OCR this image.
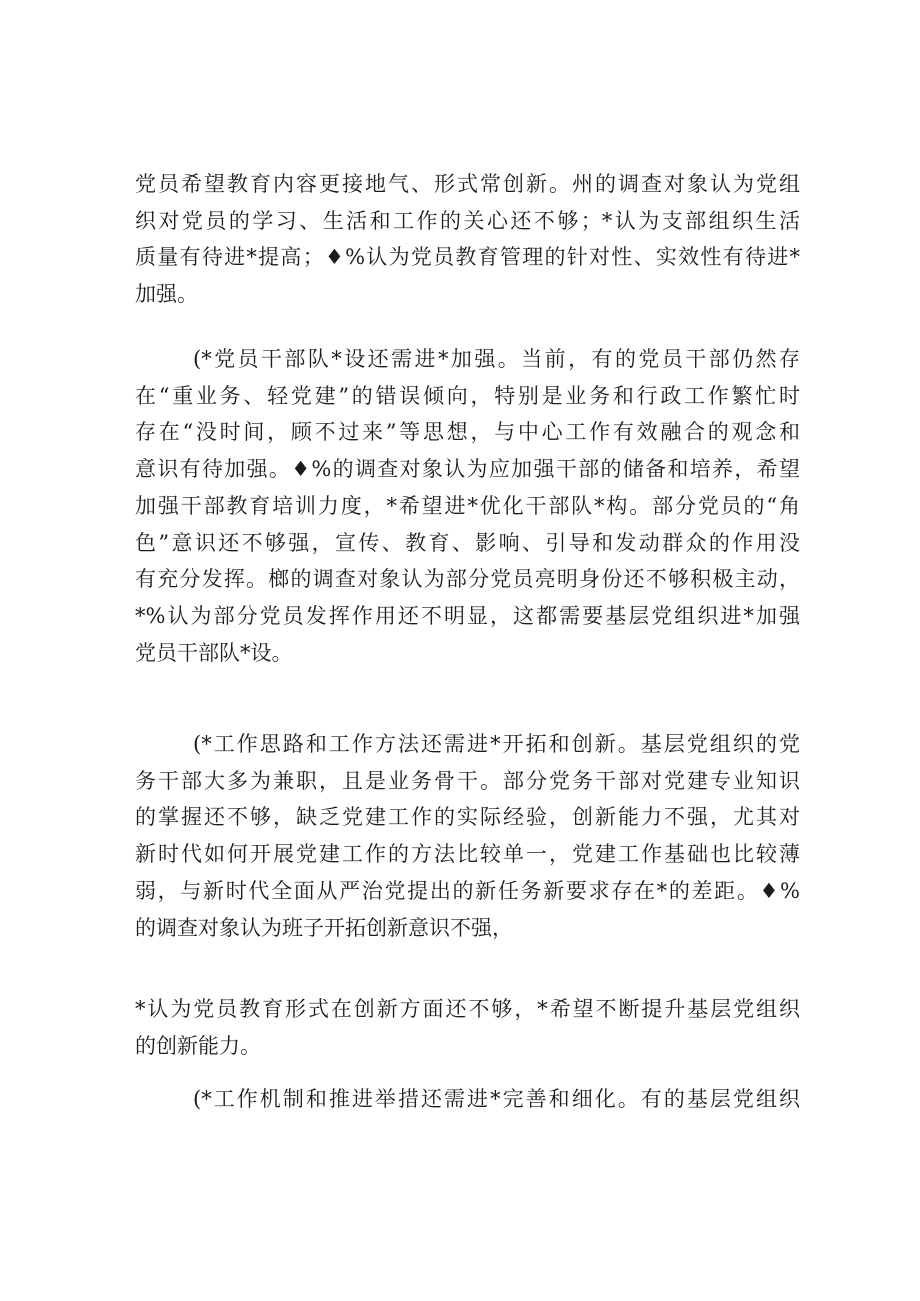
党员希望教育内容更接地气、形式常创新。州的调查对象认为党组
织对党员的学习、生活和工作的关心还不够；*认为支部组织生活
质量有待进*提高；♦%认为党员教育管理的针对性、实效性有待进*
加强。

(*党员干部队*设还需进*加强。当前，有的党员干部仍然存
在“重业务、轻党建”的错误倾向，特别是业务和行政工作繁忙时
存在“没时间，顾不过来”等思想，与中心工作有效融合的观念和
意识有待加强。♦%的调查对象认为应加强干部的储备和培养，希望
加强干部教育培训力度，*希望进*优化干部队*构。部分党员的“角
色”意识还不够强，宣传、教育、影响、引导和发动群众的作用没
有充分发挥。榔的调查对象认为部分党员亮明身份还不够积极主动，
*%认为部分党员发挥作用还不明显，这都需要基层党组织进*加强
党员干部队*设。

(*工作思路和工作方法还需进*开拓和创新。基层党组织的党
务干部大多为兼职，且是业务骨干。部分党务干部对党建专业知识
的掌握还不够，缺乏党建工作的实际经验，创新能力不强，尤其对
新时代如何开展党建工作的方法比较单一，党建工作基础也比较薄
弱，与新时代全面从严治党提出的新任务新要求存在*的差距。♦%
的调查对象认为班子开拓创新意识不强，

*认为党员教育形式在创新方面还不够，*希望不断提升基层党组织
的创新能力。

(*工作机制和推进举措还需进*完善和细化。有的基层党组织
